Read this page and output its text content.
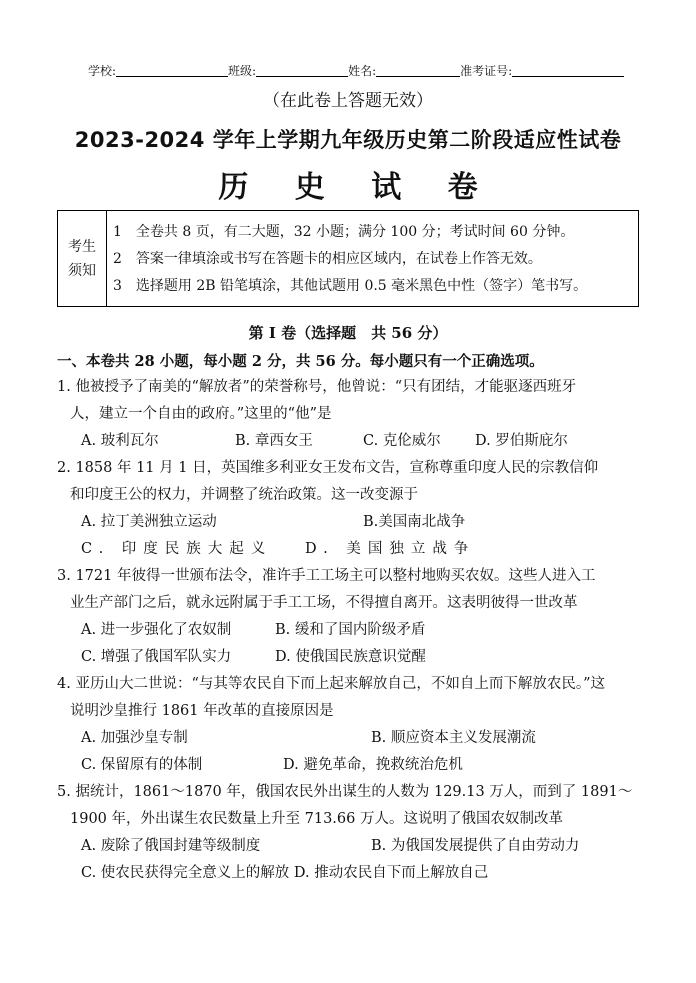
学校:	班级:	姓名:	准考证号:
（在此卷上答题无效）
2023-2024 学年上学期九年级历史第二阶段适应性试卷
历 史 试 卷
考生
须知

1　全卷共 8 页，有二大题，32 小题；满分 100 分；考试时间 60 分钟。
2　答案一律填涂或书写在答题卡的相应区域内，在试卷上作答无效。
3　选择题用 2B 铅笔填涂，其他试题用 0.5 毫米黑色中性（签字）笔书写。
第 Ⅰ 卷（选择题　共 56 分）
一、本卷共 28 小题，每小题 2 分，共 56 分。每小题只有一个正确选项。
1. 他被授予了南美的“解放者”的荣誉称号，他曾说：“只有团结，才能驱逐西班牙
人，建立一个自由的政府。”这里的“他”是
A. 玻利瓦尔	B. 章西女王	C. 克伦威尔 D. 罗伯斯庇尔
2. 1858 年 11 月 1 日，英国维多利亚女王发布文告，宣称尊重印度人民的宗教信仰
和印度王公的权力，并调整了统治政策。这一改变源于
A. 拉丁美洲独立运动	B.美国南北战争
C. 印度民族大起义 D. 美国独立战争
3. 1721 年彼得一世颁布法令，准许手工工场主可以整村地购买农奴。这些人进入工
业生产部门之后，就永远附属于手工工场，不得擅自离开。这表明彼得一世改革
A. 进一步强化了农奴制	B. 缓和了国内阶级矛盾
C. 增强了俄国军队实力	D. 使俄国民族意识觉醒
4. 亚历山大二世说：“与其等农民自下而上起来解放自己，不如自上而下解放农民。”这
说明沙皇推行 1861 年改革的直接原因是
A. 加强沙皇专制	B. 顺应资本主义发展潮流
C. 保留原有的体制	D. 避免革命，挽救统治危机
5. 据统计，1861～1870 年，俄国农民外出谋生的人数为 129.13 万人，而到了 1891～
1900 年，外出谋生农民数量上升至 713.66 万人。这说明了俄国农奴制改革
A. 废除了俄国封建等级制度	B. 为俄国发展提供了自由劳动力
C. 使农民获得完全意义上的解放 D. 推动农民自下而上解放自己
